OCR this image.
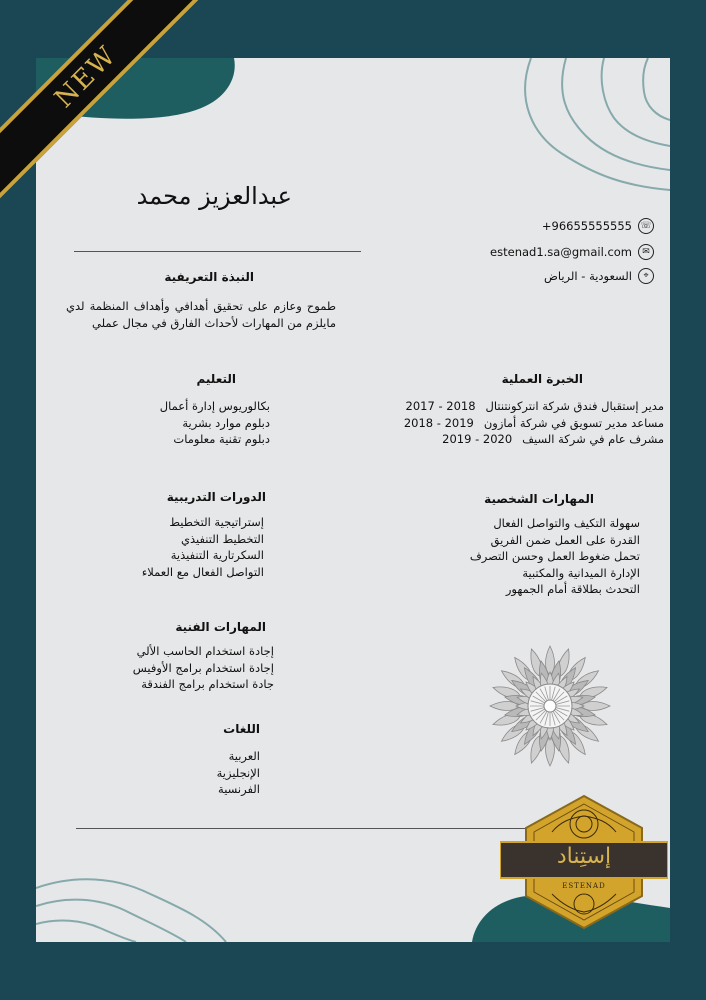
عبدالعزيز محمد
+96655555555 ☏
estenad1.sa@gmail.com	✉
السعودية - الرياض	⌖
النبذة التعريفية
طموح وعازم على تحقيق أهدافي وأهداف المنظمة لدي مايلزم من المهارات لأحداث الفارق في مجال عملي
التعليم
بكالوريوس إدارة أعمال
دبلوم موارد بشرية
دبلوم تقنية معلومات
الخبرة العملية
مدير إستقبال فندق شركة انتركونتنتال
2017 - 2018
مساعد مدير تسويق في شركة أمازون
2018 - 2019
مشرف عام في شركة السيف
2019 - 2020
الدورات التدريبية
إستراتيجية التخطيط
التخطيط التنفيذي
السكرتارية التنفيذية
التواصل الفعال مع العملاء
المهارات الشخصية
سهولة التكيف والتواصل الفعال
القدرة على العمل ضمن الفريق
تحمل ضغوط العمل وحسن التصرف
الإدارة الميدانية والمكتبية
التحدث بطلاقة أمام الجمهور
المهارات الفنية
إجادة استخدام الحاسب الألي
إجادة استخدام برامج الأوفيس
جادة استخدام برامج الفندقة
اللغات
العربية
الإنجليزية
الفرنسية
إستِناد
ESTENAD
NEW
